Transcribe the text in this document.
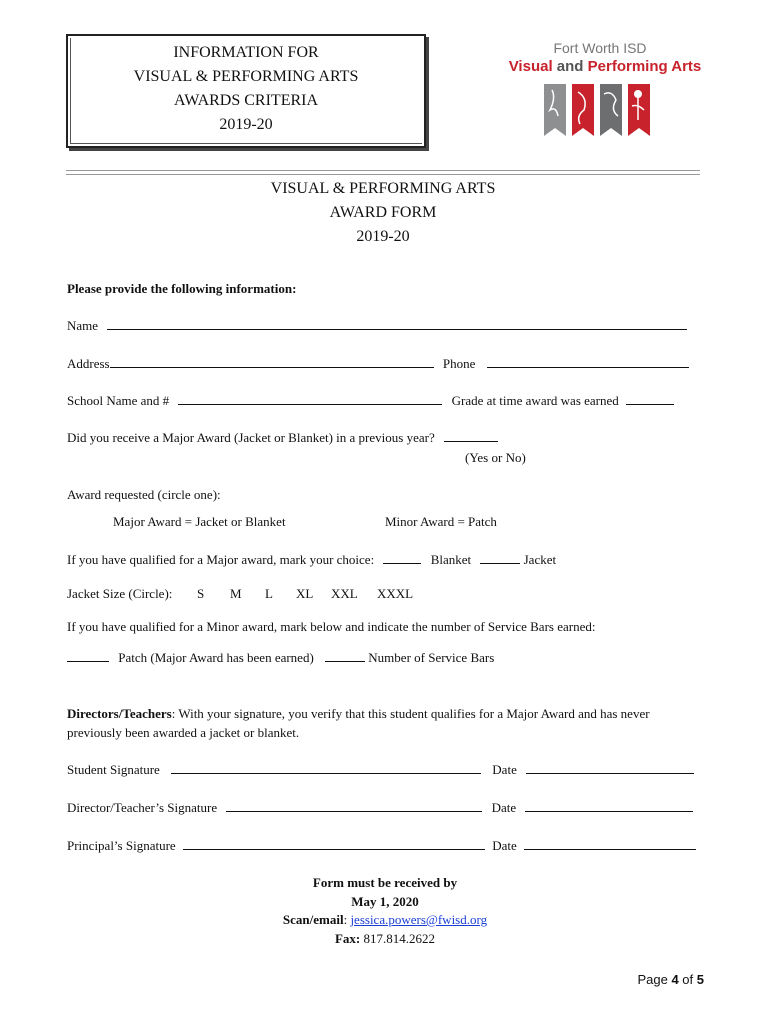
INFORMATION FOR
VISUAL & PERFORMING ARTS
AWARDS CRITERIA
2019-20
Fort Worth ISD
Visual and Performing Arts
VISUAL & PERFORMING ARTS
AWARD FORM
2019-20
Please provide the following information:
Name
Address	Phone
School Name and #	Grade at time award was earned
Did you receive a Major Award (Jacket or Blanket) in a previous year?
(Yes or No)
Award requested (circle one):
Major Award = Jacket or Blanket	Minor Award = Patch
If you have qualified for a Major award, mark your choice:	Blanket	Jacket
Jacket Size (Circle): S M L XL XXL XXXL
If you have qualified for a Minor award, mark below and indicate the number of Service Bars earned:
Patch (Major Award has been earned)	Number of Service Bars
Directors/Teachers: With your signature, you verify that this student qualifies for a Major Award and has never
previously been awarded a jacket or blanket.
Student Signature	Date
Director/Teacher’s Signature	Date
Principal’s Signature	Date
Form must be received by
May 1, 2020
Scan/email: jessica.powers@fwisd.org
Fax: 817.814.2622
Page 4 of 5
